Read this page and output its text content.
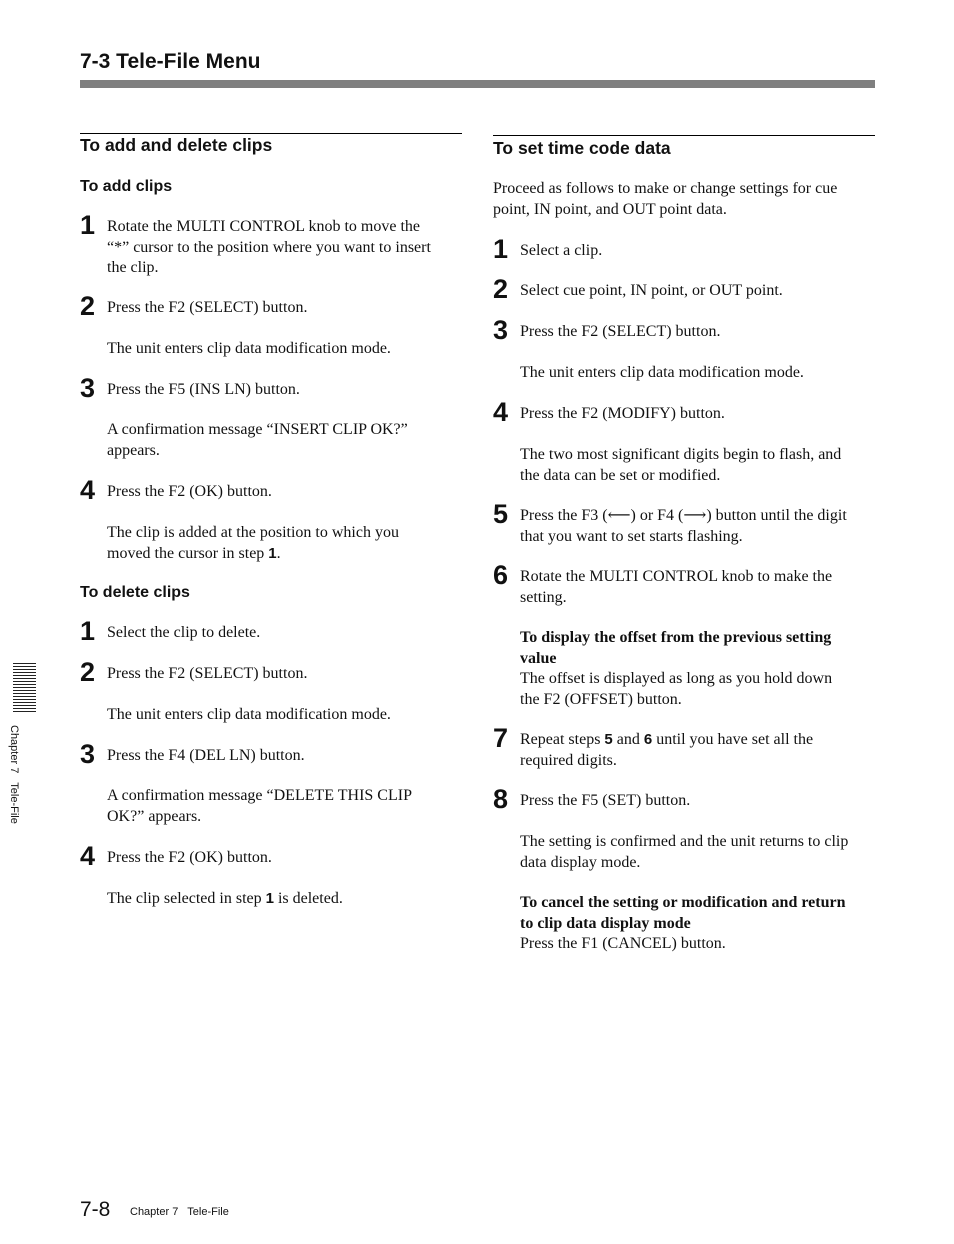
7-3 Tele-File Menu
To add and delete clips
To add clips
1 Rotate the MULTI CONTROL knob to move the
“*” cursor to the position where you want to insert
the clip.
2 Press the F2 (SELECT) button.
The unit enters clip data modification mode.
3 Press the F5 (INS LN) button.
A confirmation message “INSERT CLIP OK?”
appears.
4 Press the F2 (OK) button.
The clip is added at the position to which you
moved the cursor in step 1.
To delete clips
1 Select the clip to delete.
2 Press the F2 (SELECT) button.
The unit enters clip data modification mode.
3 Press the F4 (DEL LN) button.
A confirmation message “DELETE THIS CLIP
OK?” appears.
4 Press the F2 (OK) button.
The clip selected in step 1 is deleted.
To set time code data
Proceed as follows to make or change settings for cue
point, IN point, and OUT point data.
1 Select a clip.
2 Select cue point, IN point, or OUT point.
3 Press the F2 (SELECT) button.
The unit enters clip data modification mode.
4 Press the F2 (MODIFY) button.
The two most significant digits begin to flash, and
the data can be set or modified.
5 Press the F3 (⟵) or F4 (⟶) button until the digit
that you want to set starts flashing.
6 Rotate the MULTI CONTROL knob to make the
setting.
To display the offset from the previous setting
value
The offset is displayed as long as you hold down
the F2 (OFFSET) button.
7 Repeat steps 5 and 6 until you have set all the
required digits.
8 Press the F5 (SET) button.
The setting is confirmed and the unit returns to clip
data display mode.
To cancel the setting or modification and return
to clip data display mode
Press the F1 (CANCEL) button.
Chapter 7   Tele-File
7-8 Chapter 7   Tele-File
